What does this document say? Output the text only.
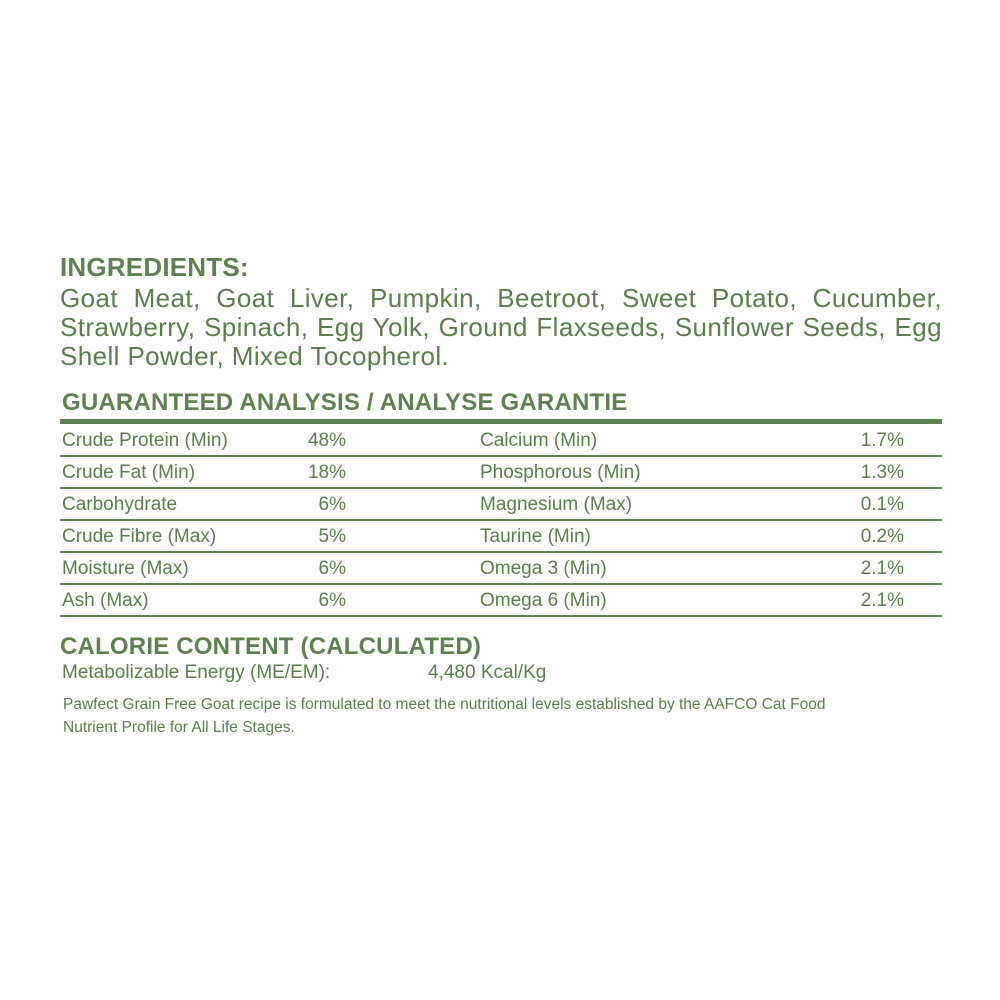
INGREDIENTS:

Goat Meat, Goat Liver, Pumpkin, Beetroot, Sweet Potato, Cucumber, Strawberry, Spinach, Egg Yolk, Ground Flaxseeds, Sunflower Seeds, Egg Shell Powder, Mixed Tocopherol.

GUARANTEED ANALYSIS / ANALYSE GARANTIE
Crude Protein (Min)	48%	Calcium (Min)	1.7%
Crude Fat (Min)	18%	Phosphorous (Min)	1.3%
Carbohydrate	6%	Magnesium (Max)	0.1%
Crude Fibre (Max)	5%	Taurine (Min)	0.2%
Moisture (Max)	6%	Omega 3 (Min)	2.1%
Ash (Max)	6%	Omega 6 (Min)	2.1%
CALORIE CONTENT (CALCULATED)
Metabolizable Energy (ME/EM):	4,480 Kcal/Kg

Pawfect Grain Free Goat recipe is formulated to meet the nutritional levels established by the AAFCO Cat Food Nutrient Profile for All Life Stages.
